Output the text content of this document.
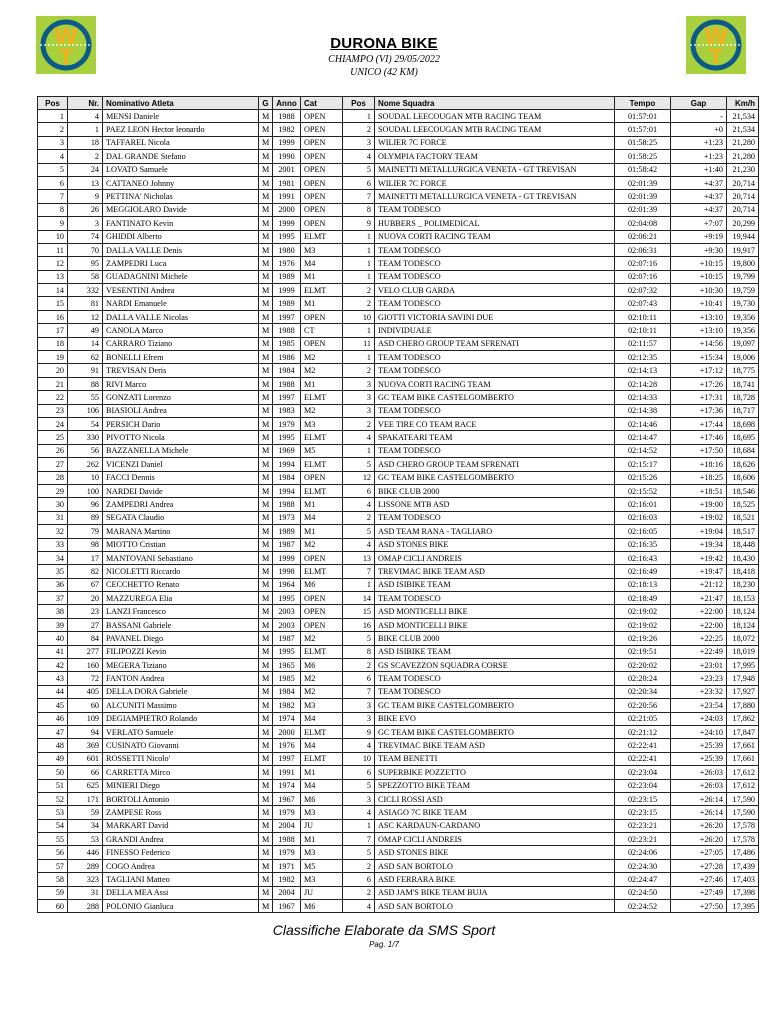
W
T
W
T
DURONA BIKE
CHIAMPO (VI) 29/05/2022
UNICO (42 KM)
Pos	Nr.	Nominativo Atleta	G	Anno	Cat	Pos	Nome Squadra	Tempo	Gap	Km/h
1	4	MENSI Daniele	M	1988	OPEN	1	SOUDAL LEECOUGAN MTB RACING TEAM	01:57:01	-	21,534
2	1	PAEZ LEON Hector leonardo	M	1982	OPEN	2	SOUDAL LEECOUGAN MTB RACING TEAM	01:57:01	+0	21,534
3	18	TAFFAREL Nicola	M	1999	OPEN	3	WILIER 7C FORCE	01:58:25	+1:23	21,280
4	2	DAL GRANDE Stefano	M	1990	OPEN	4	OLYMPIA FACTORY TEAM	01:58:25	+1:23	21,280
5	24	LOVATO Samuele	M	2001	OPEN	5	MAINETTI METALLURGICA VENETA - GT TREVISAN	01:58:42	+1:40	21,230
6	13	CATTANEO Johnny	M	1981	OPEN	6	WILIER 7C FORCE	02:01:39	+4:37	20,714
7	9	PETTINA' Nicholas	M	1991	OPEN	7	MAINETTI METALLURGICA VENETA - GT TREVISAN	02:01:39	+4:37	20,714
8	26	MEGGIOLARO Davide	M	2000	OPEN	8	TEAM TODESCO	02:01:39	+4:37	20,714
9	3	FANTINATO Kevin	M	1999	OPEN	9	HUBBERS _ POLIMEDICAL	02:04:08	+7:07	20,299
10	74	GHIDDI Alberto	M	1995	ELMT	1	NUOVA CORTI RACING TEAM	02:06:21	+9:19	19,944
11	70	DALLA VALLE Denis	M	1980	M3	1	TEAM TODESCO	02:06:31	+9:30	19,917
12	95	ZAMPEDRI Luca	M	1976	M4	1	TEAM TODESCO	02:07:16	+10:15	19,800
13	58	GUADAGNINI Michele	M	1989	M1	1	TEAM TODESCO	02:07:16	+10:15	19,799
14	332	VESENTINI Andrea	M	1999	ELMT	2	VELO CLUB GARDA	02:07:32	+10:30	19,759
15	81	NARDI Emanuele	M	1989	M1	2	TEAM TODESCO	02:07:43	+10:41	19,730
16	12	DALLA VALLE Nicolas	M	1997	OPEN	10	GIOTTI VICTORIA SAVINI DUE	02:10:11	+13:10	19,356
17	49	CANOLA Marco	M	1988	CT	1	INDIVIDUALE	02:10:11	+13:10	19,356
18	14	CARRARO Tiziano	M	1985	OPEN	11	ASD CHERO GROUP TEAM SFRENATI	02:11:57	+14:56	19,097
19	62	BONELLI Efrem	M	1986	M2	1	TEAM TODESCO	02:12:35	+15:34	19,006
20	91	TREVISAN Deris	M	1984	M2	2	TEAM TODESCO	02:14:13	+17:12	18,775
21	88	RIVI Marco	M	1988	M1	3	NUOVA CORTI RACING TEAM	02:14:28	+17:26	18,741
22	55	GONZATI Lorenzo	M	1997	ELMT	3	GC TEAM BIKE CASTELGOMBERTO	02:14:33	+17:31	18,728
23	106	BIASIOLI Andrea	M	1983	M2	3	TEAM TODESCO	02:14:38	+17:36	18,717
24	54	PERSICH Dario	M	1979	M3	2	VEE TIRE CO TEAM RACE	02:14:46	+17:44	18,698
25	330	PIVOTTO Nicola	M	1995	ELMT	4	SPAKATEARI TEAM	02:14:47	+17:46	18,695
26	56	BAZZANELLA Michele	M	1969	M5	1	TEAM TODESCO	02:14:52	+17:50	18,684
27	262	VICENZI Daniel	M	1994	ELMT	5	ASD CHERO GROUP TEAM SFRENATI	02:15:17	+18:16	18,626
28	10	FACCI Dennis	M	1984	OPEN	12	GC TEAM BIKE CASTELGOMBERTO	02:15:26	+18:25	18,606
29	100	NARDEI Davide	M	1994	ELMT	6	BIKE CLUB 2000	02:15:52	+18:51	18,546
30	96	ZAMPEDRI Andrea	M	1988	M1	4	LISSONE MTB ASD	02:16:01	+19:00	18,525
31	89	SEGATA Claudio	M	1973	M4	2	TEAM TODESCO	02:16:03	+19:02	18,521
32	79	MARANA Martino	M	1989	M1	5	ASD TEAM RANA - TAGLIARO	02:16:05	+19:04	18,517
33	98	MIOTTO Cristian	M	1987	M2	4	ASD STONES BIKE	02:16:35	+19:34	18,448
34	17	MANTOVANI Sebastiano	M	1999	OPEN	13	OMAP CICLI ANDREIS	02:16:43	+19:42	18,430
35	82	NICOLETTI Riccardo	M	1998	ELMT	7	TREVIMAC BIKE TEAM ASD	02:16:49	+19:47	18,418
36	67	CECCHETTO Renato	M	1964	M6	1	ASD ISIBIKE TEAM	02:18:13	+21:12	18,230
37	20	MAZZUREGA Elia	M	1995	OPEN	14	TEAM TODESCO	02:18:49	+21:47	18,153
38	23	LANZI Francesco	M	2003	OPEN	15	ASD MONTICELLI BIKE	02:19:02	+22:00	18,124
39	27	BASSANI Gabriele	M	2003	OPEN	16	ASD MONTICELLI BIKE	02:19:02	+22:00	18,124
40	84	PAVANEL Diego	M	1987	M2	5	BIKE CLUB 2000	02:19:26	+22:25	18,072
41	277	FILIPOZZI Kevin	M	1995	ELMT	8	ASD ISIBIKE TEAM	02:19:51	+22:49	18,019
42	160	MEGERA Tiziano	M	1965	M6	2	GS SCAVEZZON SQUADRA CORSE	02:20:02	+23:01	17,995
43	72	FANTON Andrea	M	1985	M2	6	TEAM TODESCO	02:20:24	+23:23	17,948
44	405	DELLA DORA Gabriele	M	1984	M2	7	TEAM TODESCO	02:20:34	+23:32	17,927
45	60	ALCUNITI Massimo	M	1982	M3	3	GC TEAM BIKE CASTELGOMBERTO	02:20:56	+23:54	17,880
46	109	DEGIAMPIETRO Rolando	M	1974	M4	3	BIKE EVO	02:21:05	+24:03	17,862
47	94	VERLATO Samuele	M	2000	ELMT	9	GC TEAM BIKE CASTELGOMBERTO	02:21:12	+24:10	17,847
48	369	CUSINATO Giovanni	M	1976	M4	4	TREVIMAC BIKE TEAM ASD	02:22:41	+25:39	17,661
49	601	ROSSETTI Nicolo'	M	1997	ELMT	10	TEAM BENETTI	02:22:41	+25:39	17,661
50	66	CARRETTA Mirco	M	1991	M1	6	SUPERBIKE POZZETTO	02:23:04	+26:03	17,612
51	625	MINIERI Diego	M	1974	M4	5	SPEZZOTTO BIKE TEAM	02:23:04	+26:03	17,612
52	171	BORTOLI Antonio	M	1967	M6	3	CICLI ROSSI ASD	02:23:15	+26:14	17,590
53	59	ZAMPESE Ross	M	1979	M3	4	ASIAGO 7C BIKE TEAM	02:23:15	+26:14	17,590
54	34	MARKART David	M	2004	JU	1	ASC KARDAUN-CARDANO	02:23:21	+26:20	17,578
55	53	GRANDI Andrea	M	1988	M1	7	OMAP CICLI ANDREIS	02:23:21	+26:20	17,578
56	446	FINESSO Federico	M	1979	M3	5	ASD STONES BIKE	02:24:06	+27:05	17,486
57	289	COGO Andrea	M	1971	M5	2	ASD SAN BORTOLO	02:24:30	+27:28	17,439
58	323	TAGLIANI Matteo	M	1982	M3	6	ASD FERRARA BIKE	02:24:47	+27:46	17,403
59	31	DELLA MEA Assi	M	2004	JU	2	ASD JAM'S BIKE TEAM BUJA	02:24:50	+27:49	17,398
60	288	POLONIO Gianluca	M	1967	M6	4	ASD SAN BORTOLO	02:24:52	+27:50	17,395
Classifiche Elaborate da SMS Sport
Pag. 1/7
